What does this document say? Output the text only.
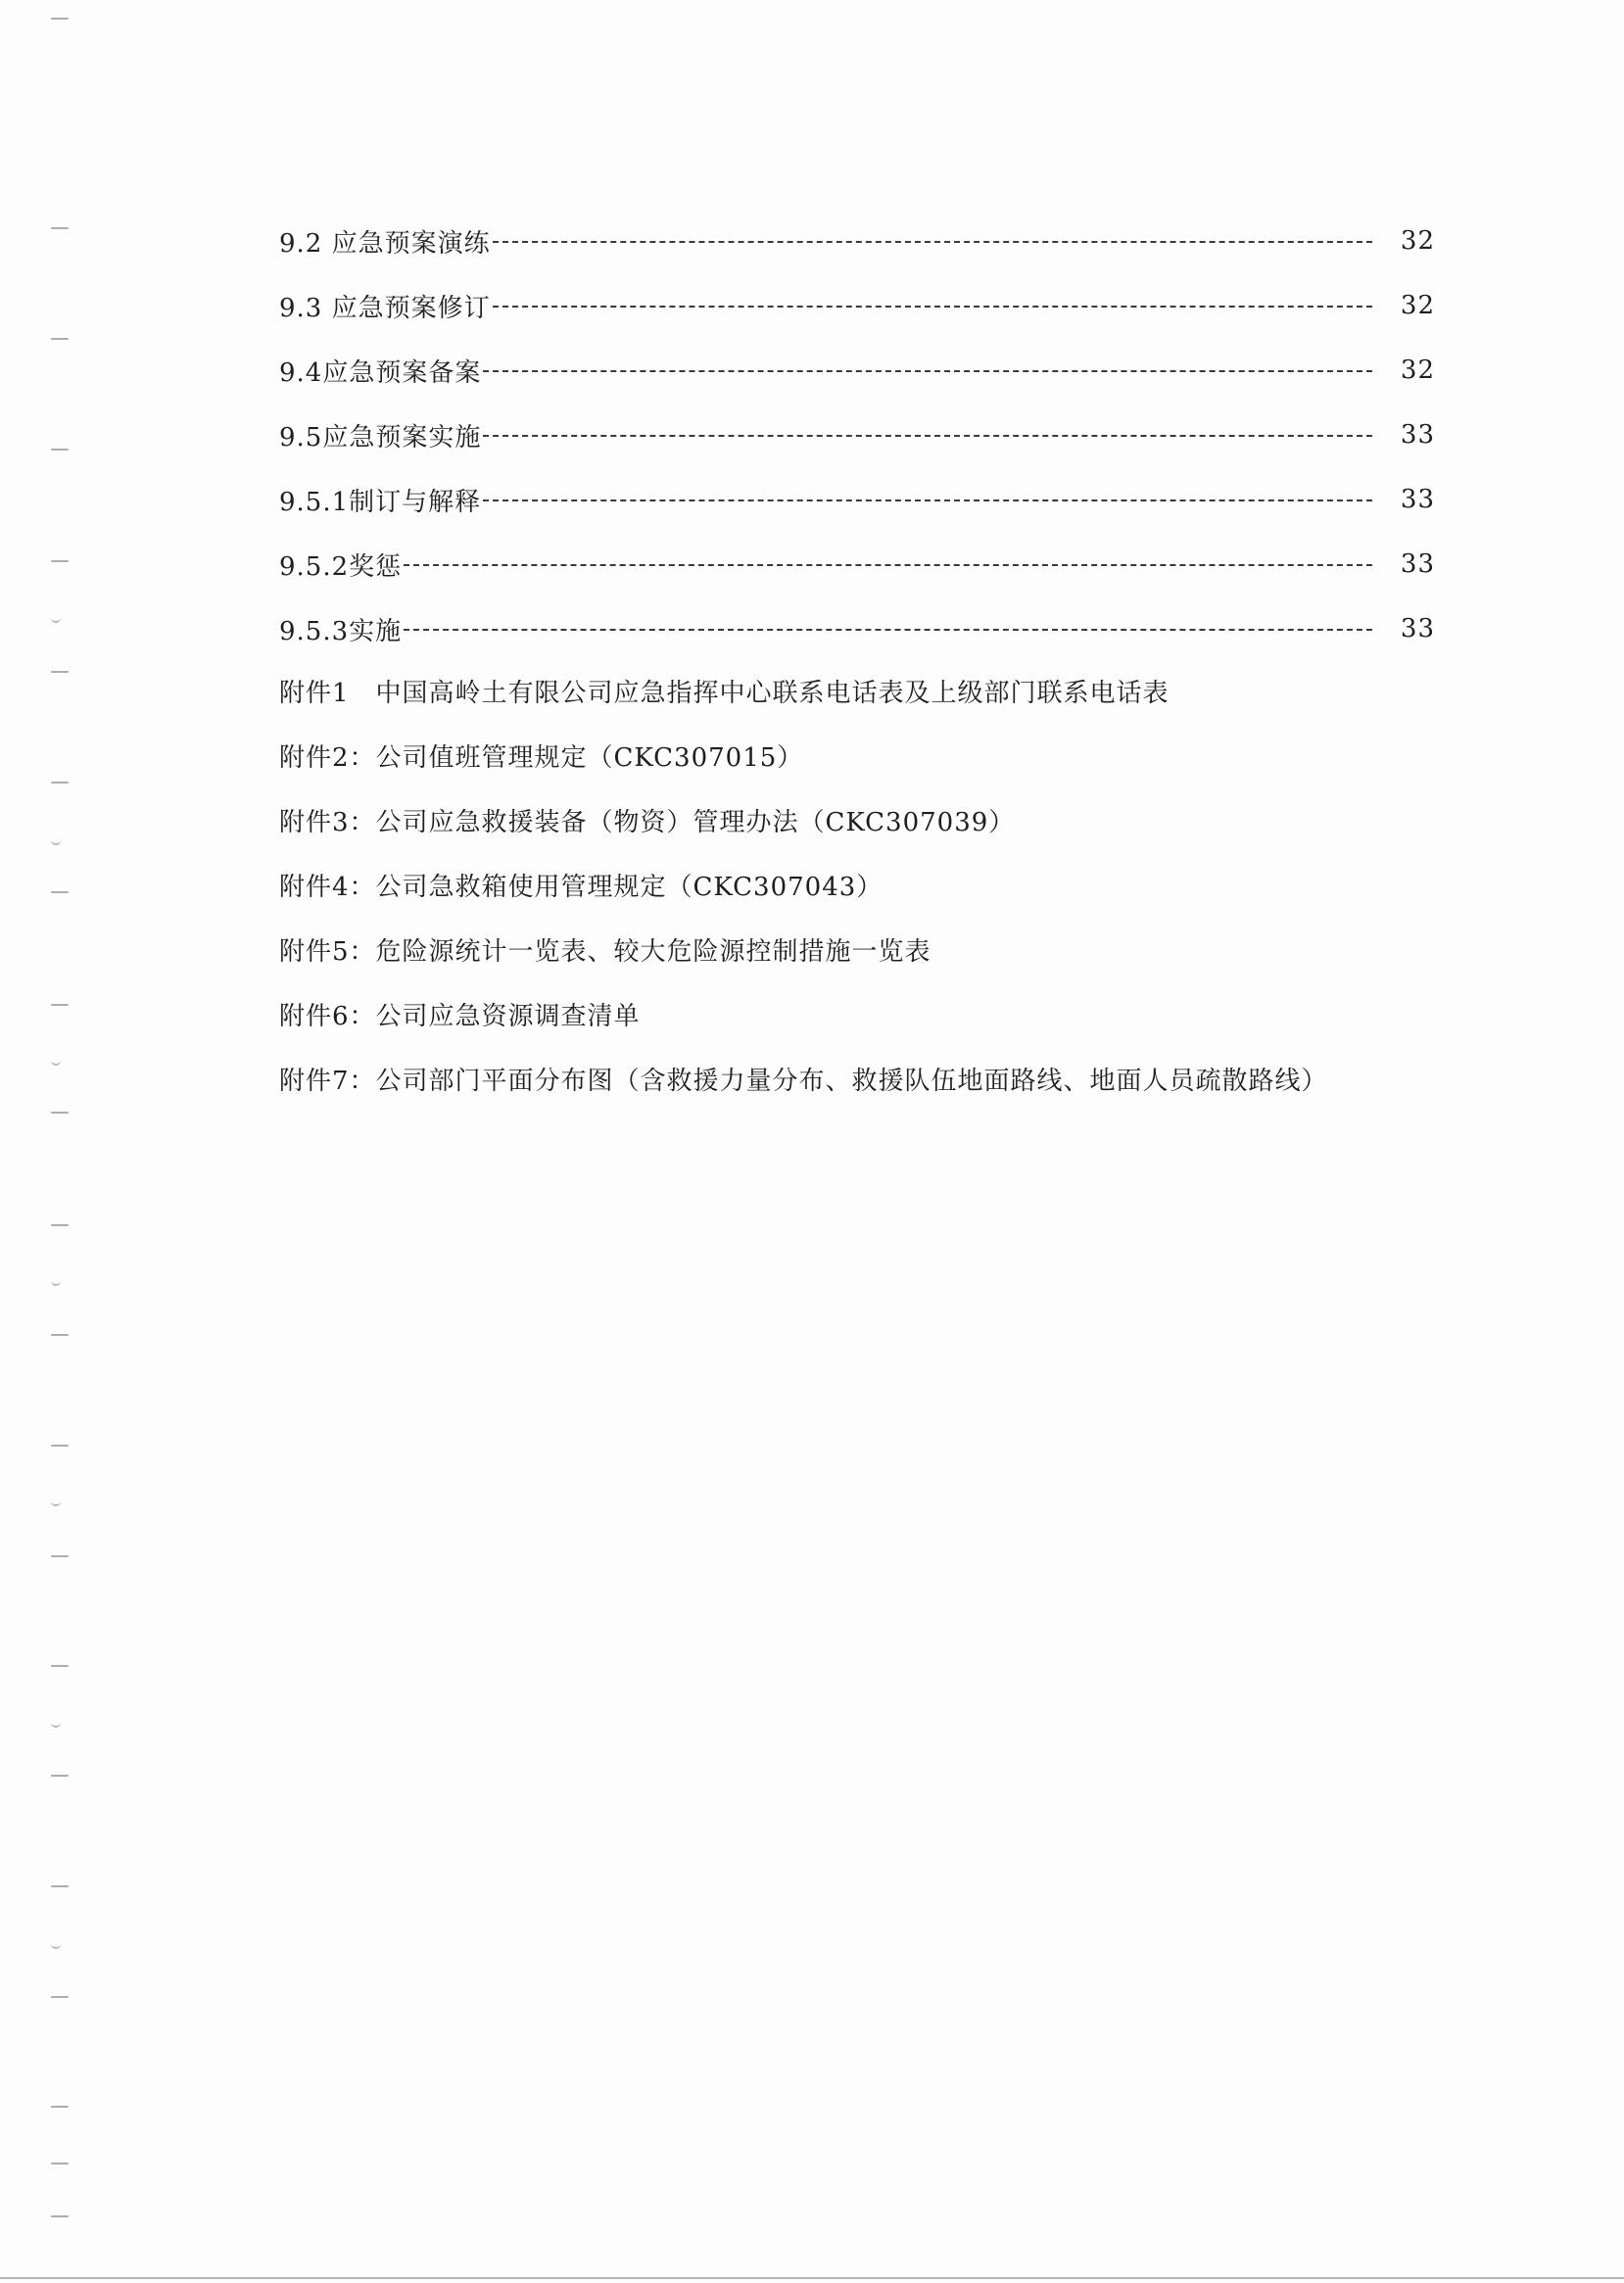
9.2 应急预案演练	32
9.3 应急预案修订	32
9.4应急预案备案	32
9.5应急预案实施	33
9.5.1制订与解释	33
9.5.2奖惩	33
9.5.3实施	33
附件1　中国高岭土有限公司应急指挥中心联系电话表及上级部门联系电话表
附件2：公司值班管理规定（CKC307015）
附件3：公司应急救援装备（物资）管理办法（CKC307039）
附件4：公司急救箱使用管理规定（CKC307043）
附件5：危险源统计一览表、较大危险源控制措施一览表
附件6：公司应急资源调查清单
附件7：公司部门平面分布图（含救援力量分布、救援队伍地面路线、地面人员疏散路线）
